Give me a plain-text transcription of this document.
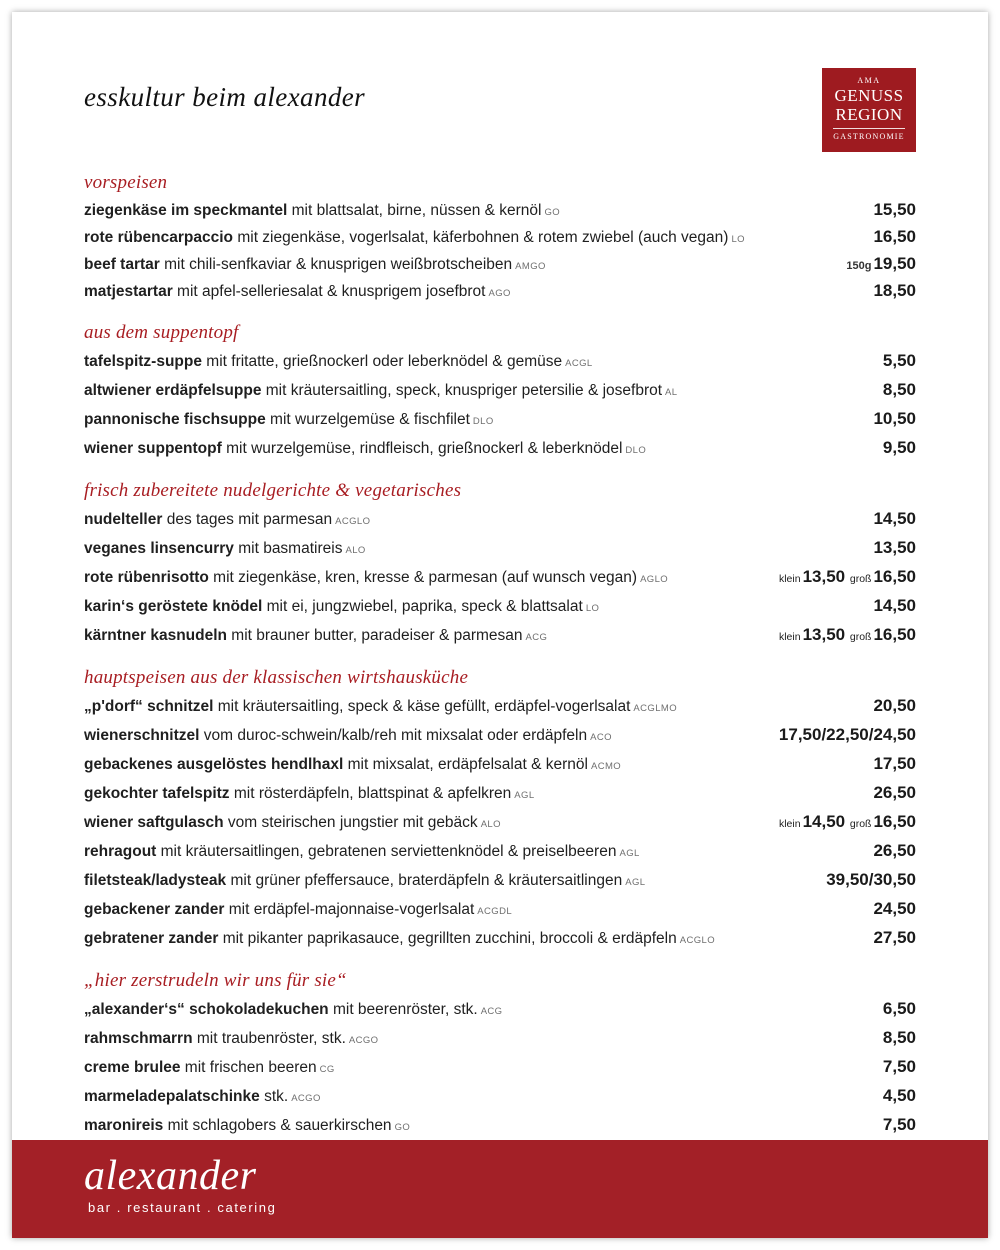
esskultur beim alexander
AMA
GENUSS
REGION
GASTRONOMIE
vorspeisen
ziegenkäse im speckmantel mit blattsalat, birne, nüssen & kernöl GO	15,50
rote rübencarpaccio mit ziegenkäse, vogerlsalat, käferbohnen & rotem zwiebel (auch vegan) LO	16,50
beef tartar mit chili-senfkaviar & knusprigen weißbrotscheiben AMGO	150g 19,50
matjestartar mit apfel-selleriesalat & knusprigem josefbrot AGO	18,50
aus dem suppentopf
tafelspitz-suppe mit fritatte, grießnockerl oder leberknödel & gemüse ACGL	5,50
altwiener erdäpfelsuppe mit kräutersaitling, speck, knuspriger petersilie & josefbrot AL	8,50
pannonische fischsuppe mit wurzelgemüse & fischfilet DLO	10,50
wiener suppentopf mit wurzelgemüse, rindfleisch, grießnockerl & leberknödel DLO	9,50
frisch zubereitete nudelgerichte & vegetarisches
nudelteller des tages mit parmesan ACGLO	14,50
veganes linsencurry mit basmatireis ALO	13,50
rote rübenrisotto mit ziegenkäse, kren, kresse & parmesan (auf wunsch vegan) AGLO	klein 13,50 groß 16,50
karin‘s geröstete knödel mit ei, jungzwiebel, paprika, speck & blattsalat LO	14,50
kärntner kasnudeln mit brauner butter, paradeiser & parmesan ACG	klein 13,50 groß 16,50
hauptspeisen aus der klassischen wirtshausküche
„p'dorf“ schnitzel mit kräutersaitling, speck & käse gefüllt, erdäpfel-vogerlsalat ACGLMO	20,50
wienerschnitzel vom duroc-schwein/kalb/reh mit mixsalat oder erdäpfeln ACO	17,50/22,50/24,50
gebackenes ausgelöstes hendlhaxl mit mixsalat, erdäpfelsalat & kernöl ACMO	17,50
gekochter tafelspitz mit rösterdäpfeln, blattspinat & apfelkren AGL	26,50
wiener saftgulasch vom steirischen jungstier mit gebäck ALO	klein 14,50 groß 16,50
rehragout mit kräutersaitlingen, gebratenen serviettenknödel & preiselbeeren AGL	26,50
filetsteak/ladysteak mit grüner pfeffersauce, braterdäpfeln & kräutersaitlingen AGL	39,50/30,50
gebackener zander mit erdäpfel-majonnaise-vogerlsalat ACGDL	24,50
gebratener zander mit pikanter paprikasauce, gegrillten zucchini, broccoli & erdäpfeln ACGLO	27,50
„hier zerstrudeln wir uns für sie“
„alexander‘s“ schokoladekuchen mit beerenröster, stk. ACG	6,50
rahmschmarrn mit traubenröster, stk. ACGO	8,50
creme brulee mit frischen beeren CG	7,50
marmeladepalatschinke stk. ACGO	4,50
maronireis mit schlagobers & sauerkirschen GO	7,50
alexander
bar . restaurant . catering
